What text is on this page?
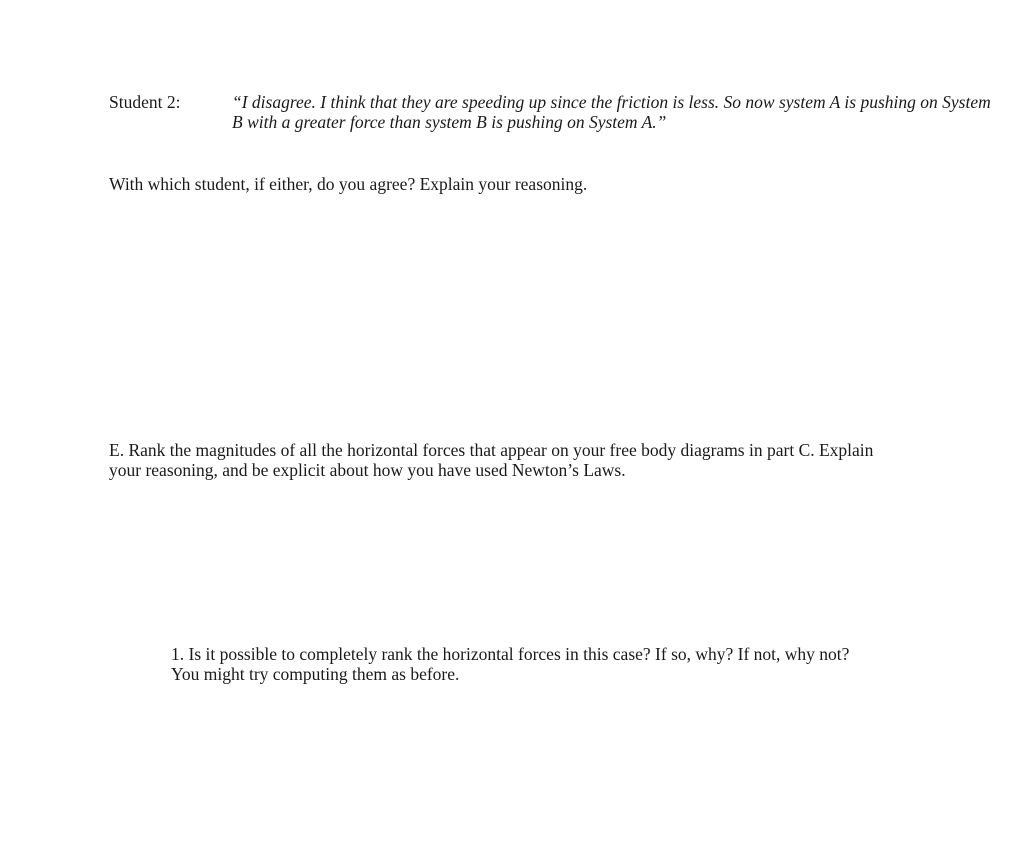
Student 2:	“I disagree. I think that they are speeding up since the friction is less. So now system A is pushing on System
B with a greater force than system B is pushing on System A.”
With which student, if either, do you agree? Explain your reasoning.
E. Rank the magnitudes of all the horizontal forces that appear on your free body diagrams in part C. Explain
your reasoning, and be explicit about how you have used Newton’s Laws.
1. Is it possible to completely rank the horizontal forces in this case? If so, why? If not, why not?
You might try computing them as before.
